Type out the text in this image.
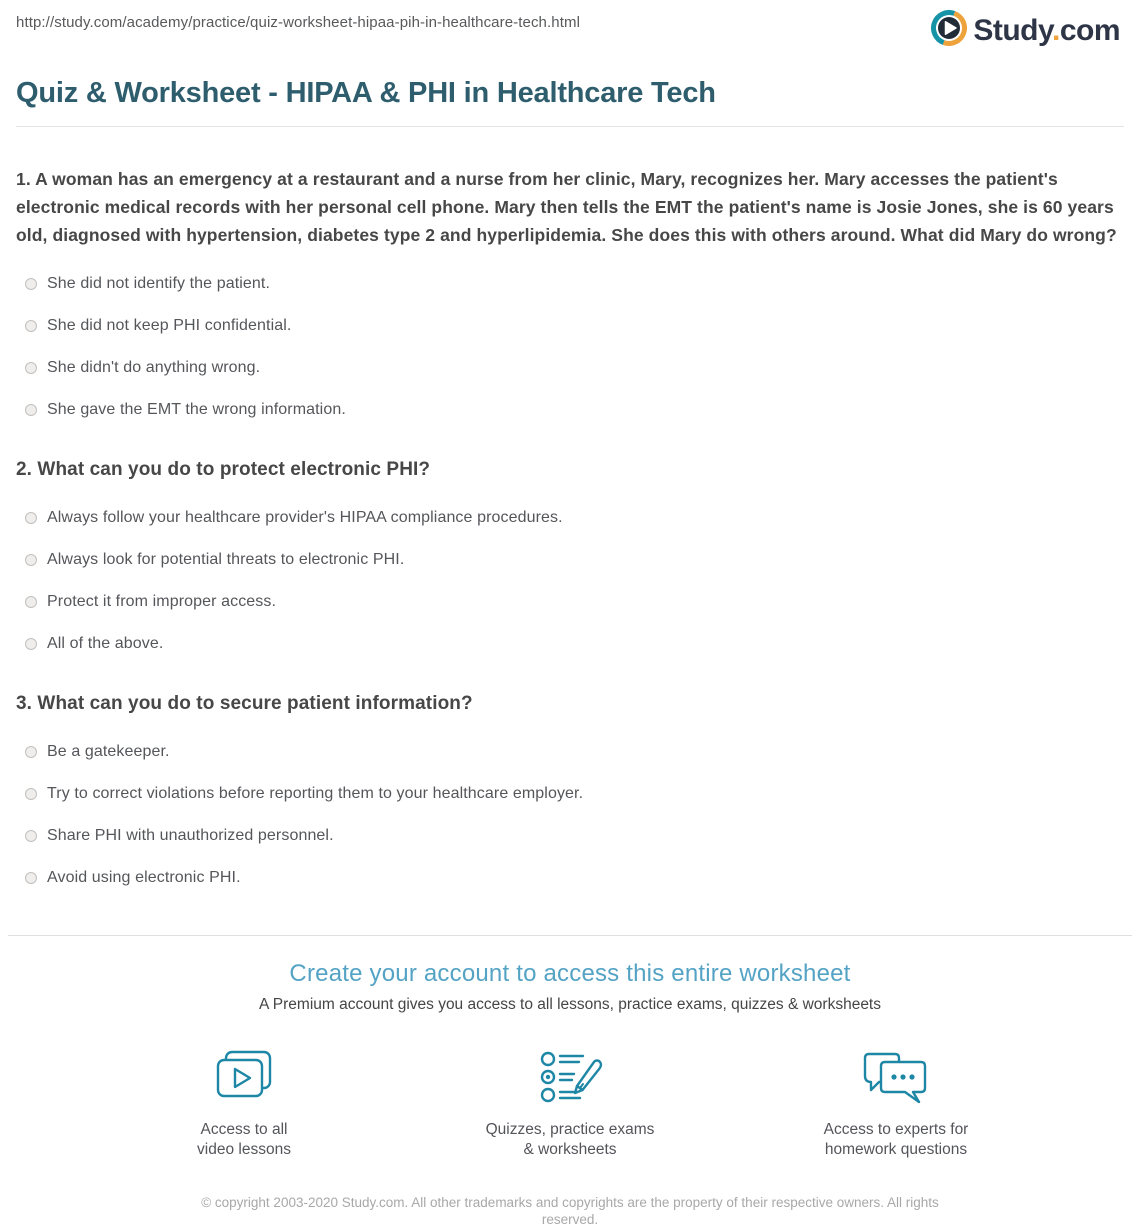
http://study.com/academy/practice/quiz-worksheet-hipaa-pih-in-healthcare-tech.html	Study.com
Quiz & Worksheet - HIPAA & PHI in Healthcare Tech
1. A woman has an emergency at a restaurant and a nurse from her clinic, Mary, recognizes her. Mary accesses the patient's electronic medical records with her personal cell phone. Mary then tells the EMT the patient's name is Josie Jones, she is 60 years old, diagnosed with hypertension, diabetes type 2 and hyperlipidemia. She does this with others around. What did Mary do wrong?
She did not identify the patient.
She did not keep PHI confidential.
She didn't do anything wrong.
She gave the EMT the wrong information.
2. What can you do to protect electronic PHI?
Always follow your healthcare provider's HIPAA compliance procedures.
Always look for potential threats to electronic PHI.
Protect it from improper access.
All of the above.
3. What can you do to secure patient information?
Be a gatekeeper.
Try to correct violations before reporting them to your healthcare employer.
Share PHI with unauthorized personnel.
Avoid using electronic PHI.
Create your account to access this entire worksheet
A Premium account gives you access to all lessons, practice exams, quizzes & worksheets
Access to all
video lessons
Quizzes, practice exams
& worksheets
Access to experts for
homework questions
© copyright 2003-2020 Study.com. All other trademarks and copyrights are the property of their respective owners. All rights reserved.
